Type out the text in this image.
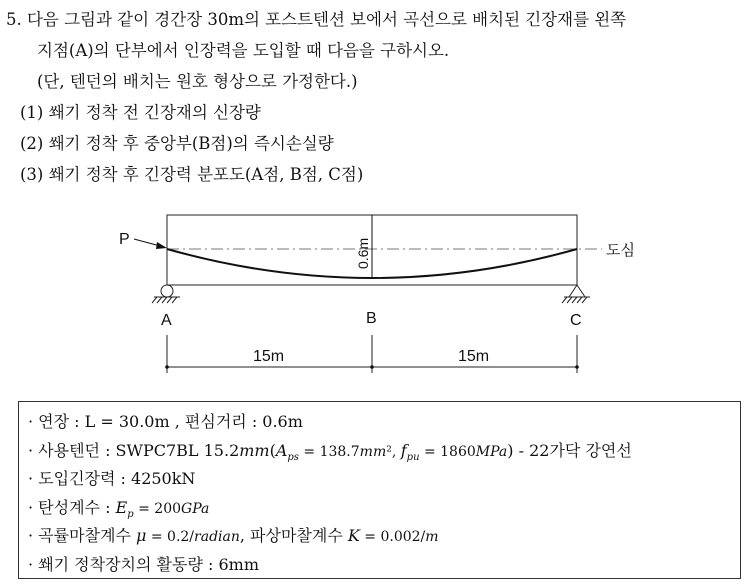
5. 다음 그림과 같이 경간장 30m의 포스트텐션 보에서 곡선으로 배치된 긴장재를 왼쪽
지점(A)의 단부에서 인장력을 도입할 때 다음을 구하시오.
(단, 텐던의 배치는 원호 형상으로 가정한다.)
(1) 쐐기 정착 전 긴장재의 신장량
(2) 쐐기 정착 후 중앙부(B점)의 즉시손실량
(3) 쐐기 정착 후 긴장력 분포도(A점, B점, C점)
도심
P	0.6m
A	B	C
15m	15m
· 연장 : L = 30.0m , 편심거리 : 0.6m
· 사용텐던 : SWPC7BL $15.2mm(A_{ps} = 138.7mm^2$, $f_{pu} = 1860MPa) - 22$가닥 강연선
· 도입긴장력 : 4250kN
· 탄성계수 : $E_p = 200GPa$
· 곡률마찰계수 μ = 0.2/radian, 파상마찰계수 K = 0.002/m
· 쐐기 정착장치의 활동량 : 6mm
